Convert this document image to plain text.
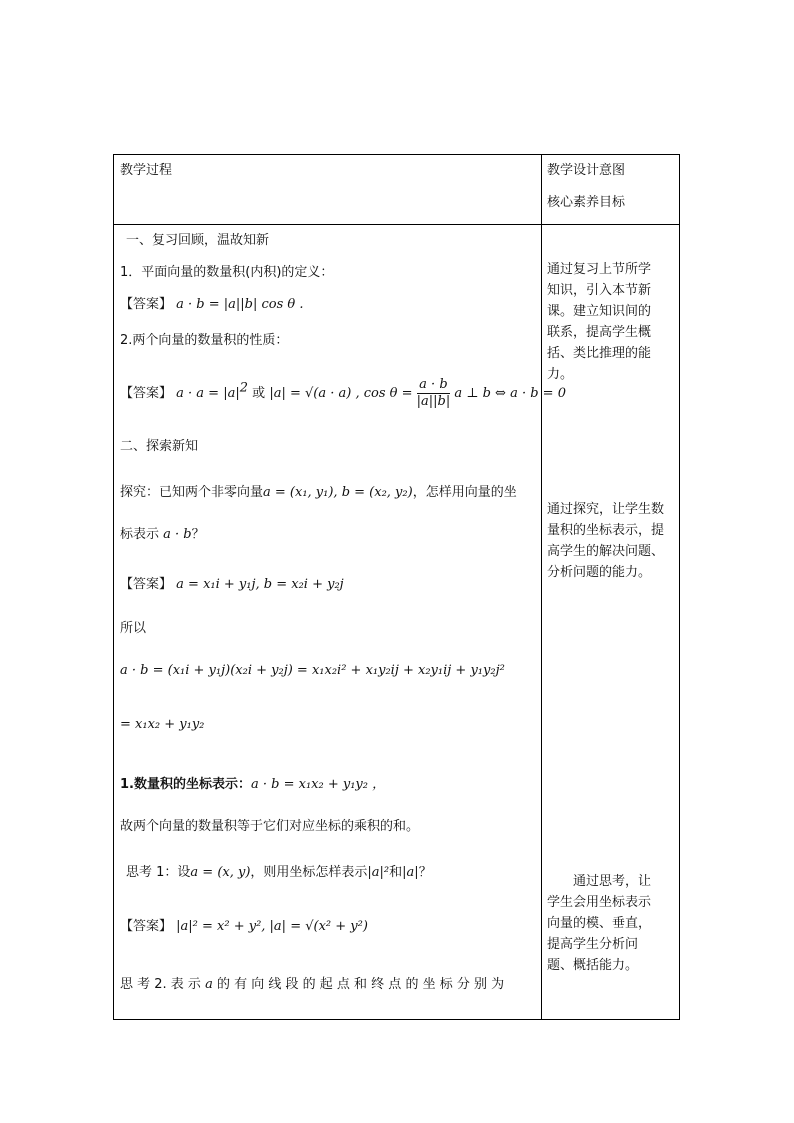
教学过程	教学设计意图
核心素养目标
一、复习回顾，温故知新
1．平面向量的数量积(内积)的定义：
【答案】 a · b = |a||b| cos θ .
2.两个向量的数量积的性质：
【答案】 $a \cdot a = |a|^2$ 或 |a| = √(a · a) , $\cos \theta = \frac{a \cdot b}{|a||b|}$ a ⊥ b ⇔ a · b = 0
二、探索新知
探究：已知两个非零向量a = (x₁, y₁), b = (x₂, y₂)，怎样用向量的坐
标表示 a · b？
【答案】 a = x₁i + y₁j, b = x₂i + y₂j
所以
a · b = (x₁i + y₁j)(x₂i + y₂j) = x₁x₂i² + x₁y₂ij + x₂y₁ij + y₁y₂j²
= x₁x₂ + y₁y₂
1.数量积的坐标表示：a · b = x₁x₂ + y₁y₂ ，
故两个向量的数量积等于它们对应坐标的乘积的和。
思考 1：设a = (x, y)，则用坐标怎样表示|a|²和|a|？
【答案】 |a|² = x² + y², |a| = √(x² + y²)
思 考 2. 表 示 a 的 有 向 线 段 的 起 点 和 终 点 的 坐 标 分 别 为
通过复习上节所学
知识，引入本节新
课。建立知识间的
联系，提高学生概
括、类比推理的能
力。
通过探究，让学生数
量积的坐标表示，提
高学生的解决问题、
分析问题的能力。
通过思考，让
学生会用坐标表示
向量的模、垂直，
提高学生分析问
题、概括能力。
